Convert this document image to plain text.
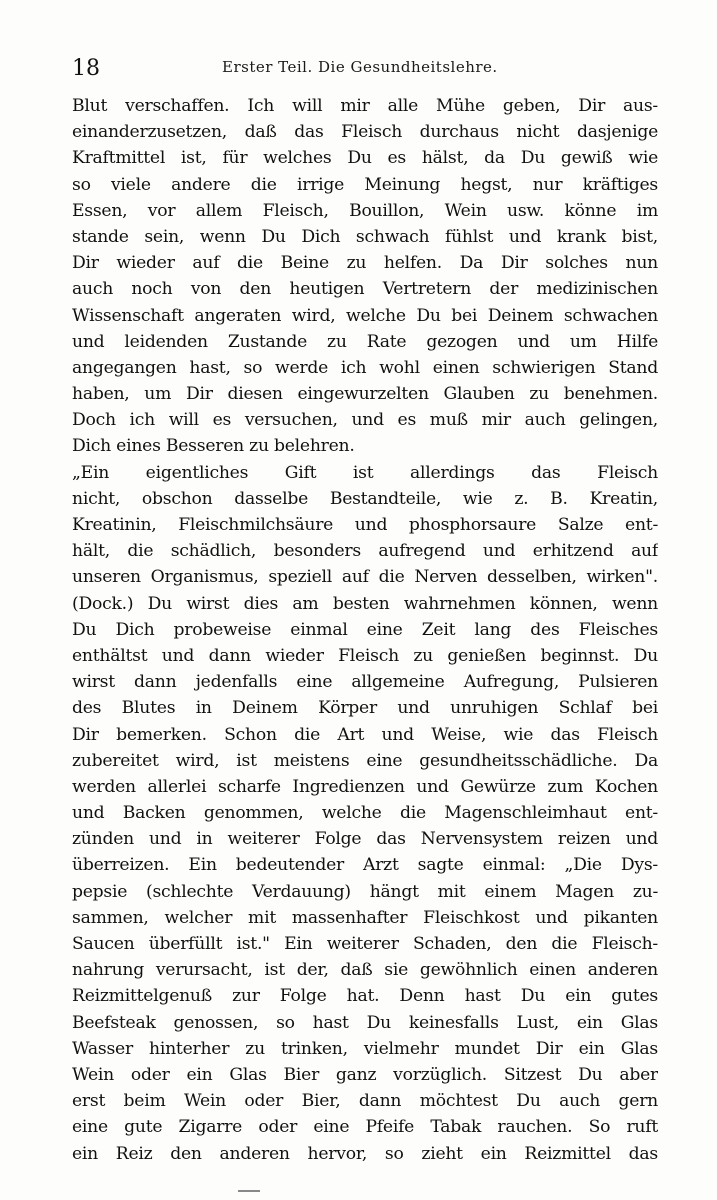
18	Erster Teil. Die Gesundheitslehre.
Blut verschaffen. Ich will mir alle Mühe geben, Dir aus-
einanderzusetzen, daß das Fleisch durchaus nicht dasjenige
Kraftmittel ist, für welches Du es hälst, da Du gewiß wie
so viele andere die irrige Meinung hegst, nur kräftiges
Essen, vor allem Fleisch, Bouillon, Wein usw. könne im
stande sein, wenn Du Dich schwach fühlst und krank bist,
Dir wieder auf die Beine zu helfen. Da Dir solches nun
auch noch von den heutigen Vertretern der medizinischen
Wissenschaft angeraten wird, welche Du bei Deinem schwachen
und leidenden Zustande zu Rate gezogen und um Hilfe
angegangen hast, so werde ich wohl einen schwierigen Stand
haben, um Dir diesen eingewurzelten Glauben zu benehmen.
Doch ich will es versuchen, und es muß mir auch gelingen,
Dich eines Besseren zu belehren.
„Ein eigentliches Gift ist allerdings das Fleisch
nicht, obschon dasselbe Bestandteile, wie z. B. Kreatin,
Kreatinin, Fleischmilchsäure und phosphorsaure Salze ent-
hält, die schädlich, besonders aufregend und erhitzend auf
unseren Organismus, speziell auf die Nerven desselben, wirken".
(Dock.) Du wirst dies am besten wahrnehmen können, wenn
Du Dich probeweise einmal eine Zeit lang des Fleisches
enthältst und dann wieder Fleisch zu genießen beginnst. Du
wirst dann jedenfalls eine allgemeine Aufregung, Pulsieren
des Blutes in Deinem Körper und unruhigen Schlaf bei
Dir bemerken. Schon die Art und Weise, wie das Fleisch
zubereitet wird, ist meistens eine gesundheitsschädliche. Da
werden allerlei scharfe Ingredienzen und Gewürze zum Kochen
und Backen genommen, welche die Magenschleimhaut ent-
zünden und in weiterer Folge das Nervensystem reizen und
überreizen. Ein bedeutender Arzt sagte einmal: „Die Dys-
pepsie (schlechte Verdauung) hängt mit einem Magen zu-
sammen, welcher mit massenhafter Fleischkost und pikanten
Saucen überfüllt ist." Ein weiterer Schaden, den die Fleisch-
nahrung verursacht, ist der, daß sie gewöhnlich einen anderen
Reizmittelgenuß zur Folge hat. Denn hast Du ein gutes
Beefsteak genossen, so hast Du keinesfalls Lust, ein Glas
Wasser hinterher zu trinken, vielmehr mundet Dir ein Glas
Wein oder ein Glas Bier ganz vorzüglich. Sitzest Du aber
erst beim Wein oder Bier, dann möchtest Du auch gern
eine gute Zigarre oder eine Pfeife Tabak rauchen. So ruft
ein Reiz den anderen hervor, so zieht ein Reizmittel das
